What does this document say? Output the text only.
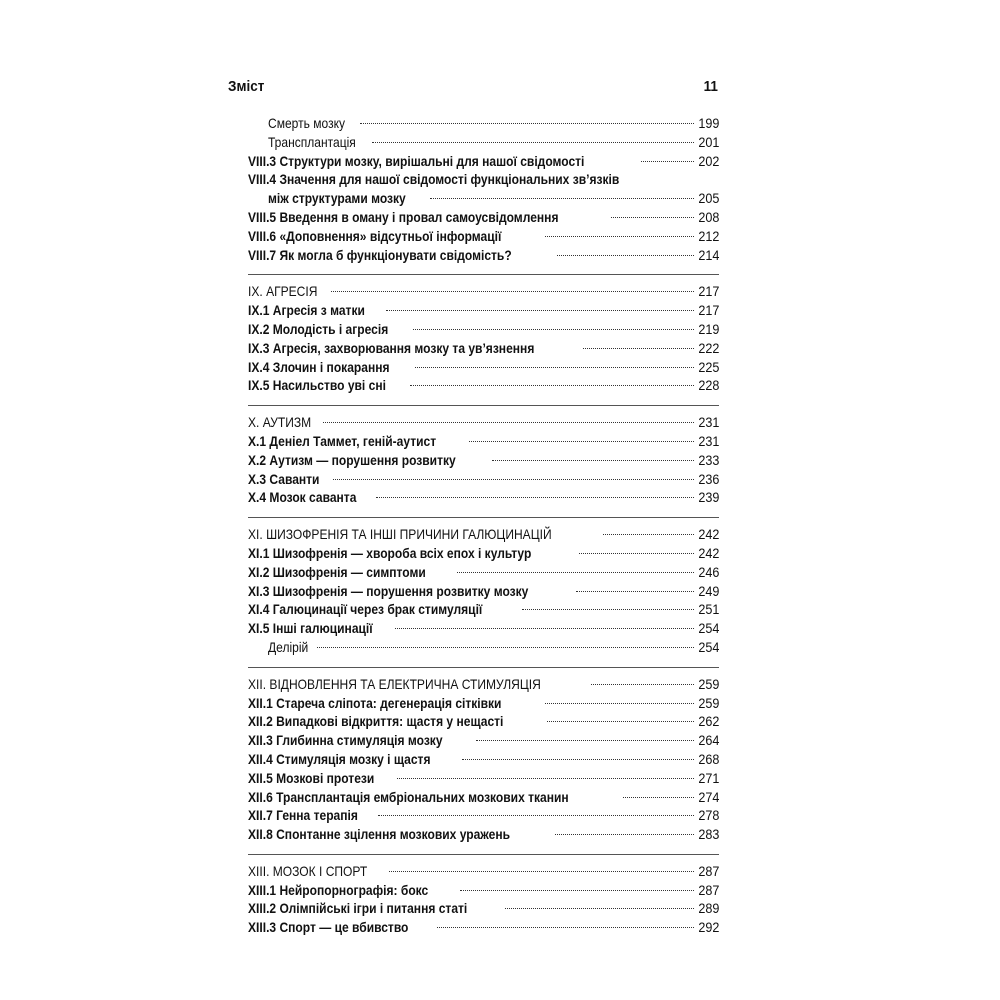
Зміст	11
Смерть мозку	199
Трансплантація	201
VIII.3 Структури мозку, вирішальні для нашої свідомості	202
VIII.4 Значення для нашої свідомості функціональних зв’язків
між структурами мозку	205
VIII.5 Введення в оману і провал самоусвідомлення	208
VIII.6 «Доповнення» відсутньої інформації	212
VIII.7 Як могла б функціонувати свідомість?	214
IX. АГРЕСІЯ	217
IX.1 Агресія з матки	217
IX.2 Молодість і агресія	219
IX.3 Агресія, захворювання мозку та ув’язнення	222
IX.4 Злочин і покарання	225
IX.5 Насильство уві сні	228
X. АУТИЗМ	231
X.1 Деніел Таммет, геній-аутист	231
X.2 Аутизм — порушення розвитку	233
X.3 Саванти	236
X.4 Мозок саванта	239
XI. ШИЗОФРЕНІЯ ТА ІНШІ ПРИЧИНИ ГАЛЮЦИНАЦІЙ	242
XI.1 Шизофренія — хвороба всіх епох і культур	242
XI.2 Шизофренія — симптоми	246
XI.3 Шизофренія — порушення розвитку мозку	249
XI.4 Галюцинації через брак стимуляції	251
XI.5 Інші галюцинації	254
Делірій	254
XII. ВІДНОВЛЕННЯ ТА ЕЛЕКТРИЧНА СТИМУЛЯЦІЯ	259
XII.1 Стареча сліпота: дегенерація сітківки	259
XII.2 Випадкові відкриття: щастя у нещасті	262
XII.3 Глибинна стимуляція мозку	264
XII.4 Стимуляція мозку і щастя	268
XII.5 Мозкові протези	271
XII.6 Трансплантація ембріональних мозкових тканин	274
XII.7 Генна терапія	278
XII.8 Спонтанне зцілення мозкових уражень	283
XIII. МОЗОК І СПОРТ	287
XIII.1 Нейропорнографія: бокс	287
XIII.2 Олімпійські ігри і питання статі	289
XIII.3 Спорт — це вбивство	292
